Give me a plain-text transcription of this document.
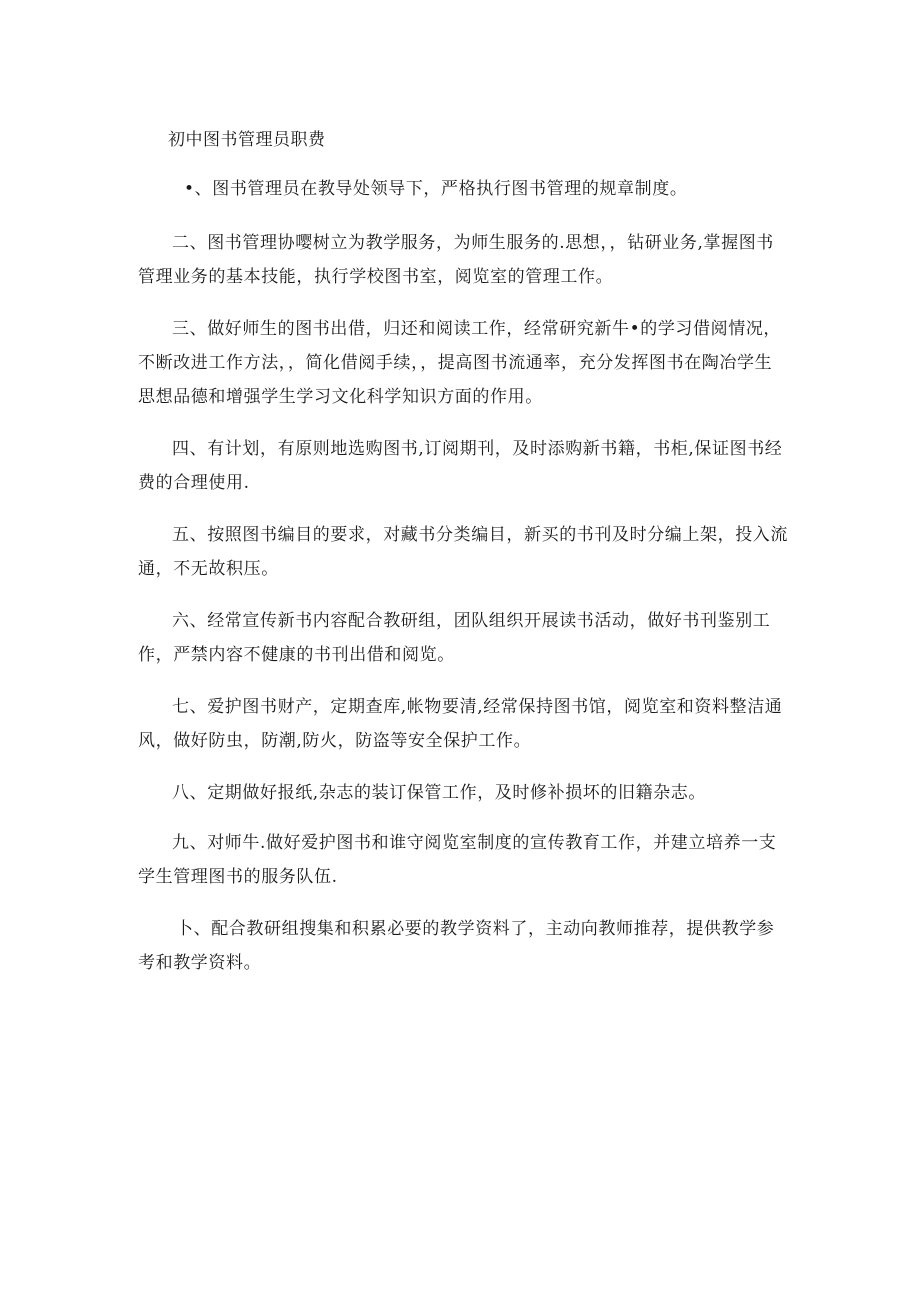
初中图书管理员职费

•、图书管理员在教导处领导下，严格执行图书管理的规章制度。

二、图书管理协嘤树立为教学服务，为师生服务的.思想，，钻研业务,掌握图书管理业务的基本技能，执行学校图书室，阅览室的管理工作。

三、做好师生的图书出借，归还和阅读工作，经常研究新牛•的学习借阅情况，不断改进工作方法，，简化借阅手续，，提高图书流通率，充分发挥图书在陶冶学生思想品德和增强学生学习文化科学知识方面的作用。

四、有计划，有原则地选购图书,订阅期刊，及时添购新书籍，书柜,保证图书经费的合理使用.

五、按照图书编目的要求，对藏书分类编目，新买的书刊及时分编上架，投入流通，不无故积压。

六、经常宣传新书内容配合教研组，团队组织开展读书活动，做好书刊鉴别工作，严禁内容不健康的书刊出借和阅览。

七、爱护图书财产，定期查库,帐物要清,经常保持图书馆，阅览室和资料整洁通风，做好防虫，防潮,防火，防盗等安全保护工作。

八、定期做好报纸,杂志的装订保管工作，及时修补损坏的旧籍杂志。

九、对师牛.做好爱护图书和谁守阅览室制度的宣传教育工作，并建立培养一支学生管理图书的服务队伍.

卜、配合教研组搜集和积累必要的教学资料了，主动向教师推荐，提供教学参考和教学资料。
